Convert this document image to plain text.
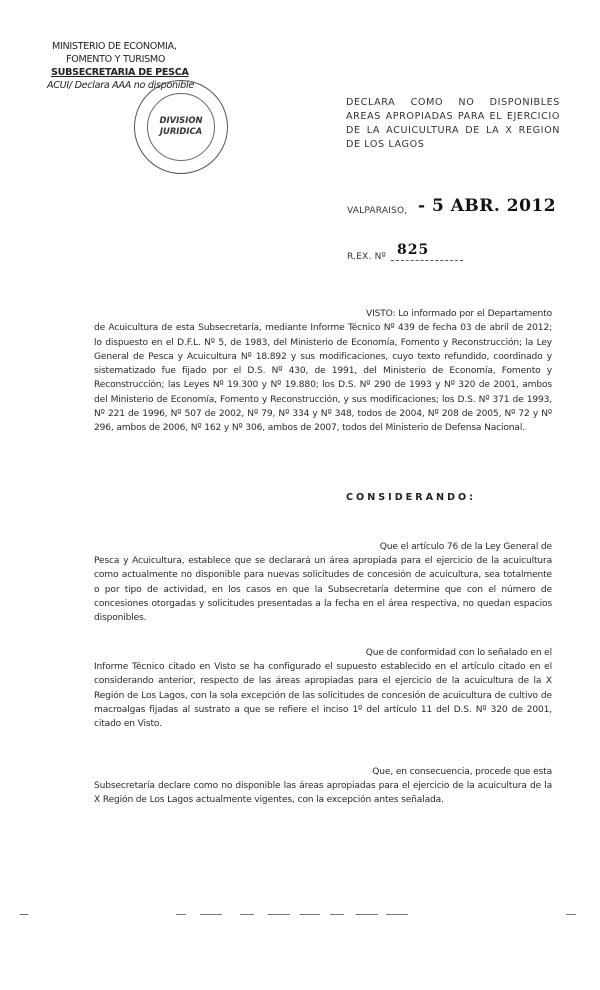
MINISTERIO DE ECONOMIA,
FOMENTO Y TURISMO
SUBSECRETARIA DE PESCA
ACUI/ Declara AAA no disponible
DIVISION
JURIDICA
DECLARA COMO NO DISPONIBLES AREAS APROPIADAS PARA EL EJERCICIO DE LA ACUICULTURA DE LA X REGION DE LOS LAGOS
VALPARAISO, - 5 ABR. 2012
R.EX. Nº 825
VISTO: Lo informado por el Departamento de Acuicultura de esta Subsecretaría, mediante Informe Técnico Nº 439 de fecha 03 de abril de 2012; lo dispuesto en el D.F.L. Nº 5, de 1983, del Ministerio de Economía, Fomento y Reconstrucción; la Ley General de Pesca y Acuicultura Nº 18.892 y sus modificaciones, cuyo texto refundido, coordinado y sistematizado fue fijado por el D.S. Nº 430, de 1991, del Ministerio de Economía, Fomento y Reconstrucción; las Leyes Nº 19.300 y Nº 19.880; los D.S. Nº 290 de 1993 y Nº 320 de 2001, ambos del Ministerio de Economía, Fomento y Reconstrucción, y sus modificaciones; los D.S. Nº 371 de 1993, Nº 221 de 1996, Nº 507 de 2002, Nº 79, Nº 334 y Nº 348, todos de 2004, Nº 208 de 2005, Nº 72 y Nº 296, ambos de 2006, Nº 162 y Nº 306, ambos de 2007, todos del Ministerio de Defensa Nacional.
CONSIDERANDO:
Que el artículo 76 de la Ley General de
Pesca y Acuicultura, establece que se declarará un área apropiada para el ejercicio de la acuicultura como actualmente no disponible para nuevas solicitudes de concesión de acuicultura, sea totalmente o por tipo de actividad, en los casos en que la Subsecretaría determine que con el número de concesiones otorgadas y solicitudes presentadas a la fecha en el área respectiva, no quedan espacios disponibles.
Que de conformidad con lo señalado en el
Informe Técnico citado en Visto se ha configurado el supuesto establecido en el artículo citado en el considerando anterior, respecto de las áreas apropiadas para el ejercicio de la acuicultura de la X Región de Los Lagos, con la sola excepción de las solicitudes de concesión de acuicultura de cultivo de macroalgas fijadas al sustrato a que se refiere el inciso 1º del artículo 11 del D.S. Nº 320 de 2001, citado en Visto.
Que, en consecuencia, procede que esta
Subsecretaría declare como no disponible las áreas apropiadas para el ejercicio de la acuicultura de la X Región de Los Lagos actualmente vigentes, con la excepción antes señalada.
